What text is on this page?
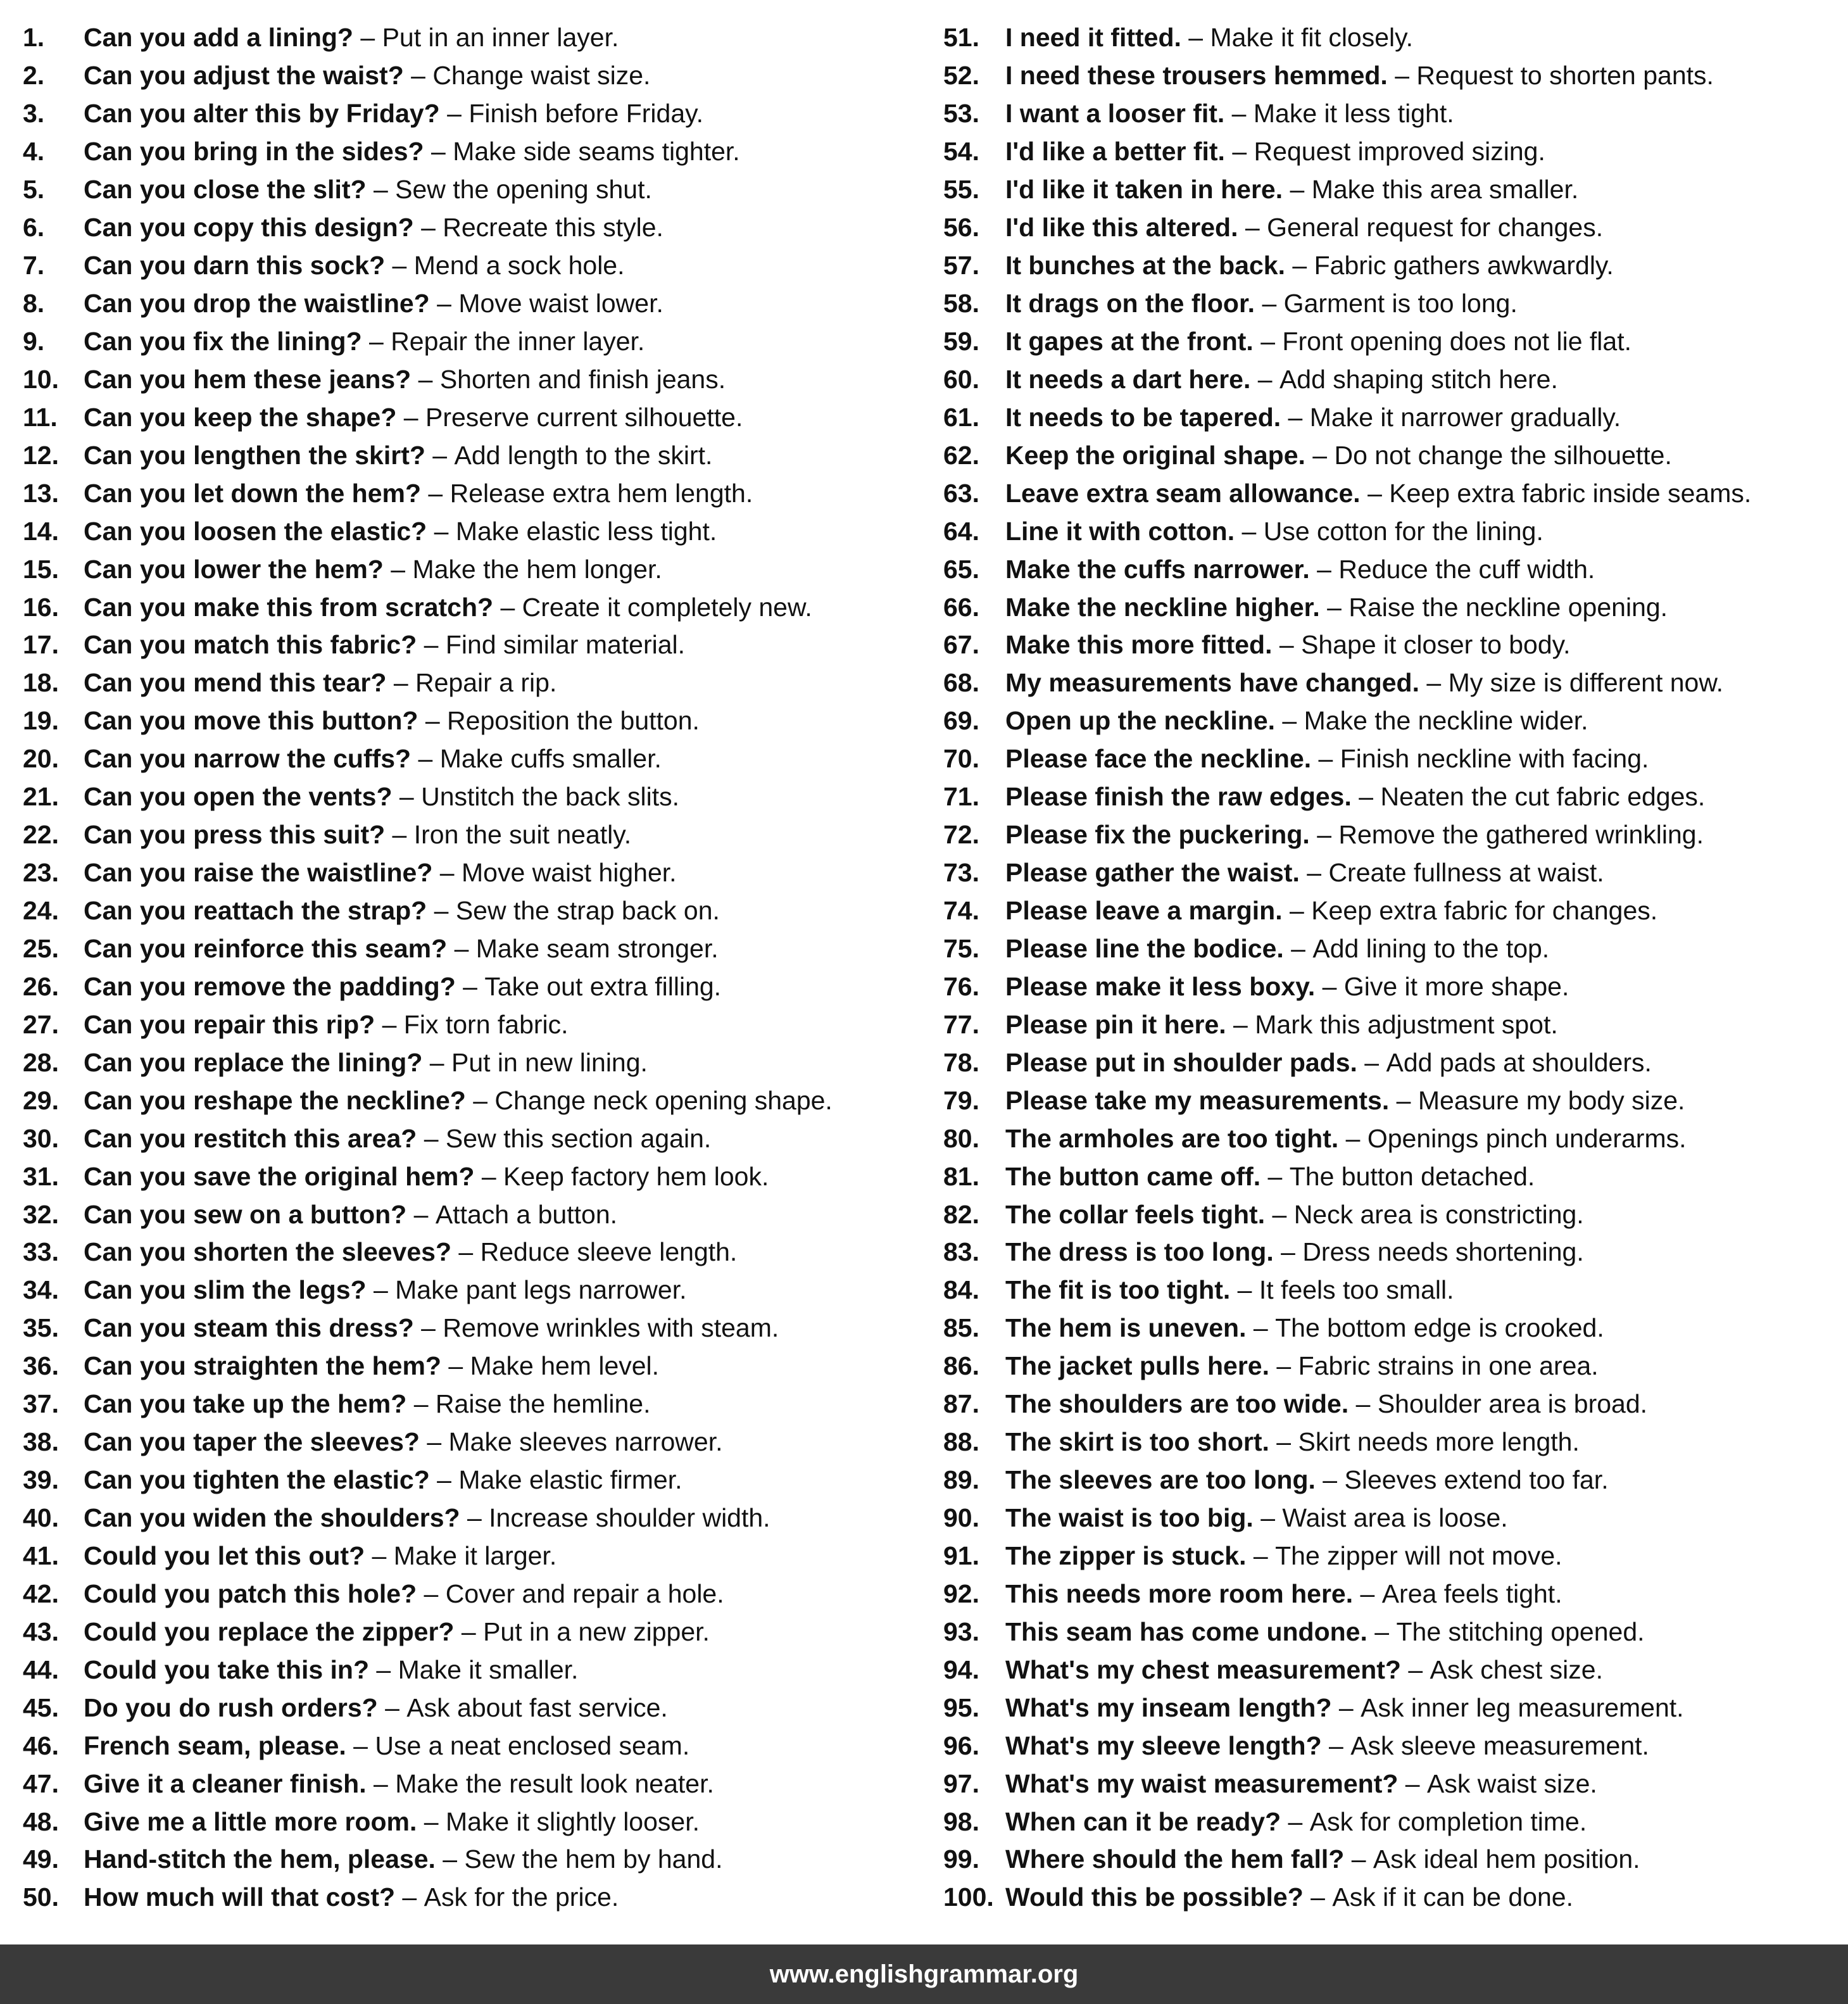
1.	Can you add a lining? – Put in an inner layer.
2.	Can you adjust the waist? – Change waist size.
3.	Can you alter this by Friday? – Finish before Friday.
4.	Can you bring in the sides? – Make side seams tighter.
5.	Can you close the slit? – Sew the opening shut.
6.	Can you copy this design? – Recreate this style.
7.	Can you darn this sock? – Mend a sock hole.
8.	Can you drop the waistline? – Move waist lower.
9.	Can you fix the lining? – Repair the inner layer.
10. Can you hem these jeans? – Shorten and finish jeans.
11.	Can you keep the shape? – Preserve current silhouette.
12. Can you lengthen the skirt? – Add length to the skirt.
13. Can you let down the hem? – Release extra hem length.
14. Can you loosen the elastic? – Make elastic less tight.
15. Can you lower the hem? – Make the hem longer.
16. Can you make this from scratch? – Create it completely new.
17. Can you match this fabric? – Find similar material.
18. Can you mend this tear? – Repair a rip.
19. Can you move this button? – Reposition the button.
20. Can you narrow the cuffs? – Make cuffs smaller.
21. Can you open the vents? – Unstitch the back slits.
22. Can you press this suit? – Iron the suit neatly.
23. Can you raise the waistline? – Move waist higher.
24. Can you reattach the strap? – Sew the strap back on.
25. Can you reinforce this seam? – Make seam stronger.
26. Can you remove the padding? – Take out extra filling.
27. Can you repair this rip? – Fix torn fabric.
28. Can you replace the lining? – Put in new lining.
29. Can you reshape the neckline? – Change neck opening shape.
30. Can you restitch this area? – Sew this section again.
31. Can you save the original hem? – Keep factory hem look.
32. Can you sew on a button? – Attach a button.
33. Can you shorten the sleeves? – Reduce sleeve length.
34. Can you slim the legs? – Make pant legs narrower.
35. Can you steam this dress? – Remove wrinkles with steam.
36. Can you straighten the hem? – Make hem level.
37. Can you take up the hem? – Raise the hemline.
38. Can you taper the sleeves? – Make sleeves narrower.
39. Can you tighten the elastic? – Make elastic firmer.
40. Can you widen the shoulders? – Increase shoulder width.
41. Could you let this out? – Make it larger.
42. Could you patch this hole? – Cover and repair a hole.
43. Could you replace the zipper? – Put in a new zipper.
44. Could you take this in? – Make it smaller.
45. Do you do rush orders? – Ask about fast service.
46. French seam, please. – Use a neat enclosed seam.
47. Give it a cleaner finish. – Make the result look neater.
48. Give me a little more room. – Make it slightly looser.
49. Hand-stitch the hem, please. – Sew the hem by hand.
50. How much will that cost? – Ask for the price.
51.	I need it fitted. – Make it fit closely.
52.	I need these trousers hemmed. – Request to shorten pants.
53.	I want a looser fit. – Make it less tight.
54.	I'd like a better fit. – Request improved sizing.
55.	I'd like it taken in here. – Make this area smaller.
56.	I'd like this altered. – General request for changes.
57.	It bunches at the back. – Fabric gathers awkwardly.
58.	It drags on the floor. – Garment is too long.
59.	It gapes at the front. – Front opening does not lie flat.
60.	It needs a dart here. – Add shaping stitch here.
61.	It needs to be tapered. – Make it narrower gradually.
62.	Keep the original shape. – Do not change the silhouette.
63.	Leave extra seam allowance. – Keep extra fabric inside seams.
64.	Line it with cotton. – Use cotton for the lining.
65.	Make the cuffs narrower. – Reduce the cuff width.
66.	Make the neckline higher. – Raise the neckline opening.
67.	Make this more fitted. – Shape it closer to body.
68.	My measurements have changed. – My size is different now.
69.	Open up the neckline. – Make the neckline wider.
70.	Please face the neckline. – Finish neckline with facing.
71.	Please finish the raw edges. – Neaten the cut fabric edges.
72.	Please fix the puckering. – Remove the gathered wrinkling.
73.	Please gather the waist. – Create fullness at waist.
74.	Please leave a margin. – Keep extra fabric for changes.
75.	Please line the bodice. – Add lining to the top.
76.	Please make it less boxy. – Give it more shape.
77.	Please pin it here. – Mark this adjustment spot.
78.	Please put in shoulder pads. – Add pads at shoulders.
79.	Please take my measurements. – Measure my body size.
80.	The armholes are too tight. – Openings pinch underarms.
81.	The button came off. – The button detached.
82.	The collar feels tight. – Neck area is constricting.
83.	The dress is too long. – Dress needs shortening.
84.	The fit is too tight. – It feels too small.
85.	The hem is uneven. – The bottom edge is crooked.
86.	The jacket pulls here. – Fabric strains in one area.
87.	The shoulders are too wide. – Shoulder area is broad.
88.	The skirt is too short. – Skirt needs more length.
89.	The sleeves are too long. – Sleeves extend too far.
90.	The waist is too big. – Waist area is loose.
91.	The zipper is stuck. – The zipper will not move.
92.	This needs more room here. – Area feels tight.
93.	This seam has come undone. – The stitching opened.
94.	What's my chest measurement? – Ask chest size.
95.	What's my inseam length? – Ask inner leg measurement.
96.	What's my sleeve length? – Ask sleeve measurement.
97.	What's my waist measurement? – Ask waist size.
98.	When can it be ready? – Ask for completion time.
99.	Where should the hem fall? – Ask ideal hem position.
100. Would this be possible? – Ask if it can be done.
www.englishgrammar.org
